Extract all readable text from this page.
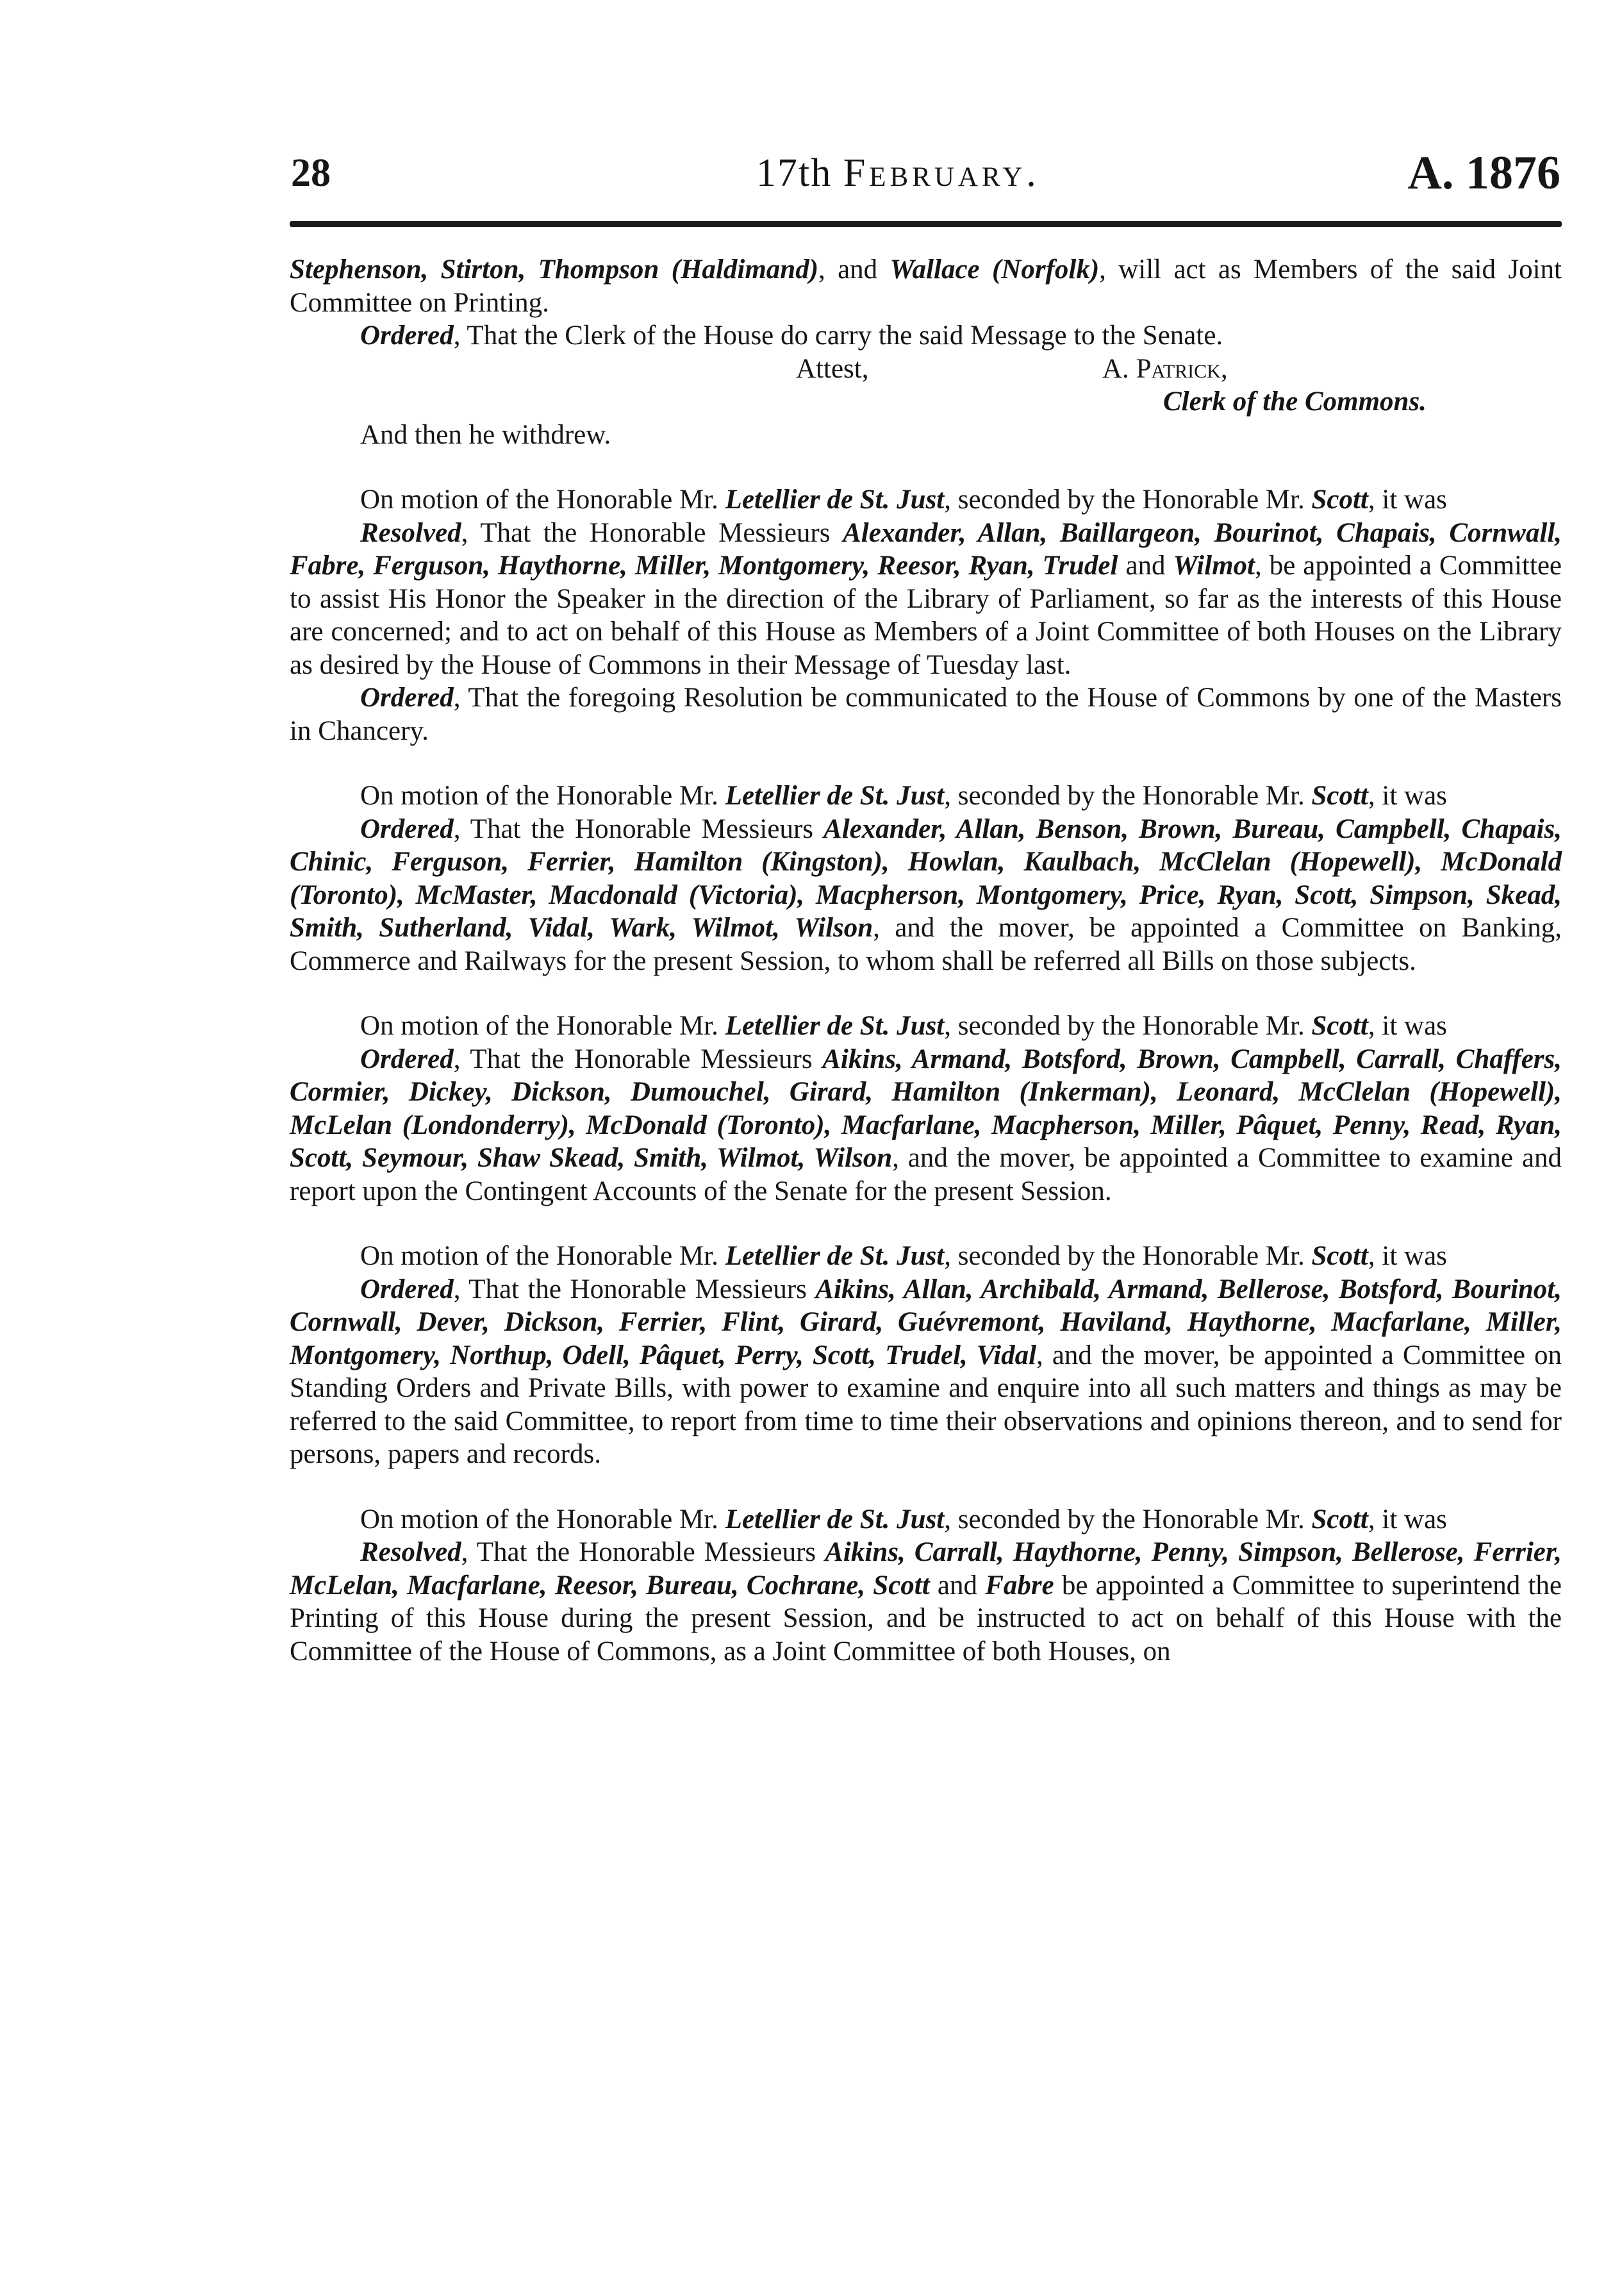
28	17th February.	A. 1876

Stephenson, Stirton, Thompson (Haldimand), and Wallace (Norfolk), will act as Members of the said Joint Committee on Printing.

Ordered, That the Clerk of the House do carry the said Message to the Senate.

Attest,	A. Patrick,
Clerk of the Commons.

And then he withdrew.

On motion of the Honorable Mr. Letellier de St. Just, seconded by the Honorable Mr. Scott, it was

Resolved, That the Honorable Messieurs Alexander, Allan, Baillargeon, Bourinot, Chapais, Cornwall, Fabre, Ferguson, Haythorne, Miller, Montgomery, Reesor, Ryan, Trudel and Wilmot, be appointed a Committee to assist His Honor the Speaker in the direction of the Library of Parliament, so far as the interests of this House are concerned; and to act on behalf of this House as Members of a Joint Committee of both Houses on the Library as desired by the House of Commons in their Message of Tuesday last.

Ordered, That the foregoing Resolution be communicated to the House of Commons by one of the Masters in Chancery.

On motion of the Honorable Mr. Letellier de St. Just, seconded by the Honorable Mr. Scott, it was

Ordered, That the Honorable Messieurs Alexander, Allan, Benson, Brown, Bureau, Campbell, Chapais, Chinic, Ferguson, Ferrier, Hamilton (Kingston), Howlan, Kaulbach, McClelan (Hopewell), McDonald (Toronto), McMaster, Macdonald (Victoria), Macpherson, Montgomery, Price, Ryan, Scott, Simpson, Skead, Smith, Sutherland, Vidal, Wark, Wilmot, Wilson, and the mover, be appointed a Committee on Banking, Commerce and Railways for the present Session, to whom shall be referred all Bills on those subjects.

On motion of the Honorable Mr. Letellier de St. Just, seconded by the Honorable Mr. Scott, it was

Ordered, That the Honorable Messieurs Aikins, Armand, Botsford, Brown, Campbell, Carrall, Chaffers, Cormier, Dickey, Dickson, Dumouchel, Girard, Hamilton (Inkerman), Leonard, McClelan (Hopewell), McLelan (Londonderry), McDonald (Toronto), Macfarlane, Macpherson, Miller, Pâquet, Penny, Read, Ryan, Scott, Seymour, Shaw Skead, Smith, Wilmot, Wilson, and the mover, be appointed a Committee to examine and report upon the Contingent Accounts of the Senate for the present Session.

On motion of the Honorable Mr. Letellier de St. Just, seconded by the Honorable Mr. Scott, it was

Ordered, That the Honorable Messieurs Aikins, Allan, Archibald, Armand, Bellerose, Botsford, Bourinot, Cornwall, Dever, Dickson, Ferrier, Flint, Girard, Guévremont, Haviland, Haythorne, Macfarlane, Miller, Montgomery, Northup, Odell, Pâquet, Perry, Scott, Trudel, Vidal, and the mover, be appointed a Committee on Standing Orders and Private Bills, with power to examine and enquire into all such matters and things as may be referred to the said Committee, to report from time to time their observations and opinions thereon, and to send for persons, papers and records.

On motion of the Honorable Mr. Letellier de St. Just, seconded by the Honorable Mr. Scott, it was

Resolved, That the Honorable Messieurs Aikins, Carrall, Haythorne, Penny, Simpson, Bellerose, Ferrier, McLelan, Macfarlane, Reesor, Bureau, Cochrane, Scott and Fabre be appointed a Committee to superintend the Printing of this House during the present Session, and be instructed to act on behalf of this House with the Committee of the House of Commons, as a Joint Committee of both Houses, on
